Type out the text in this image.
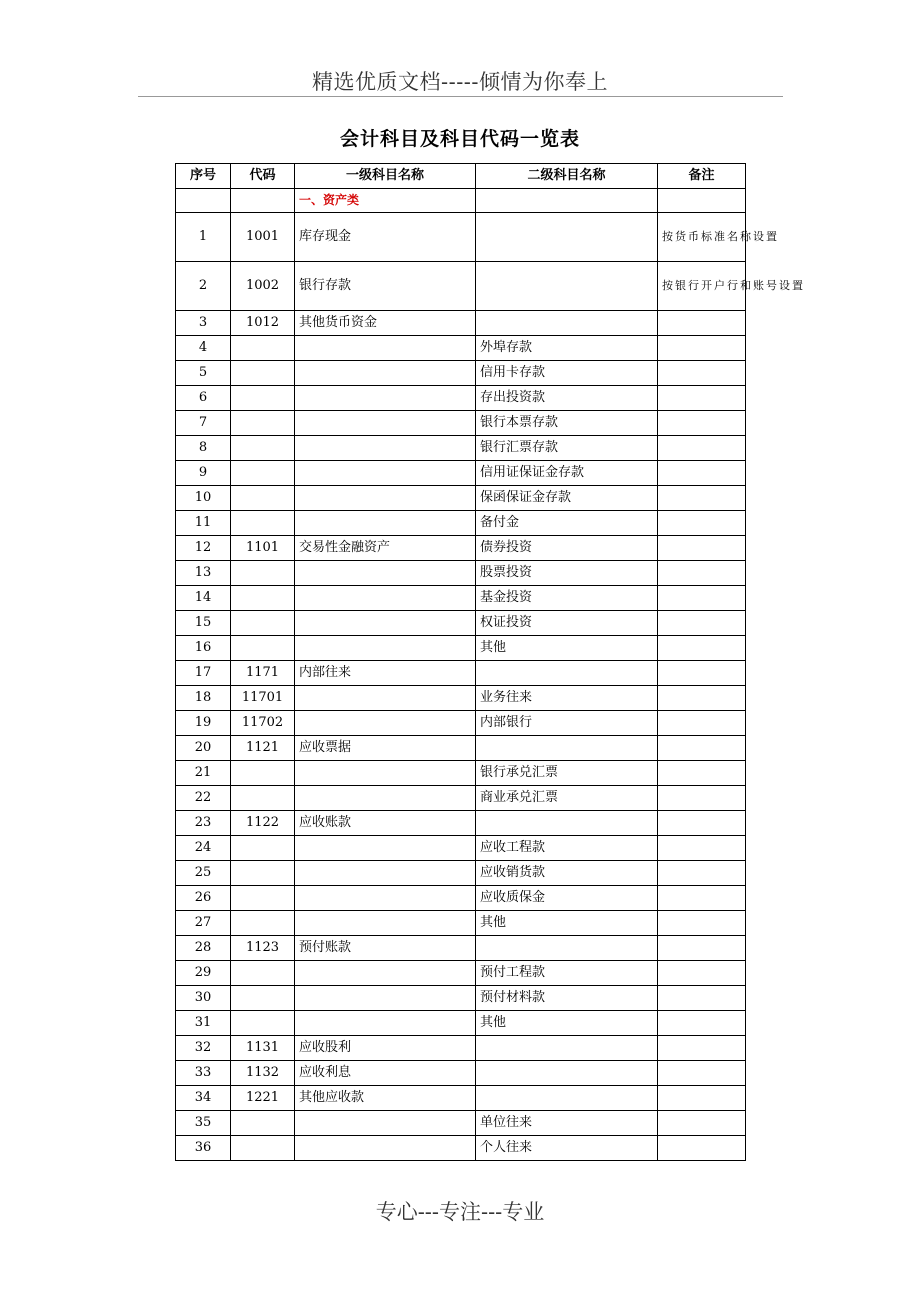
精选优质文档-----倾情为你奉上
会计科目及科目代码一览表
序号	代码	一级科目名称	二级科目名称	备注
		一、资产类		
1	1001	库存现金		按货币标准名称设置
2	1002	银行存款		按银行开户行和账号设置
3	1012	其他货币资金		
4			外埠存款	
5			信用卡存款	
6			存出投资款	
7			银行本票存款	
8			银行汇票存款	
9			信用证保证金存款	
10			保函保证金存款	
11			备付金	
12	1101	交易性金融资产	债券投资	
13			股票投资	
14			基金投资	
15			权证投资	
16			其他	
17	1171	内部往来		
18	11701		业务往来	
19	11702		内部银行	
20	1121	应收票据		
21			银行承兑汇票	
22			商业承兑汇票	
23	1122	应收账款		
24			应收工程款	
25			应收销货款	
26			应收质保金	
27			其他	
28	1123	预付账款		
29			预付工程款	
30			预付材料款	
31			其他	
32	1131	应收股利		
33	1132	应收利息		
34	1221	其他应收款		
35			单位往来	
36			个人往来	
专心---专注---专业
